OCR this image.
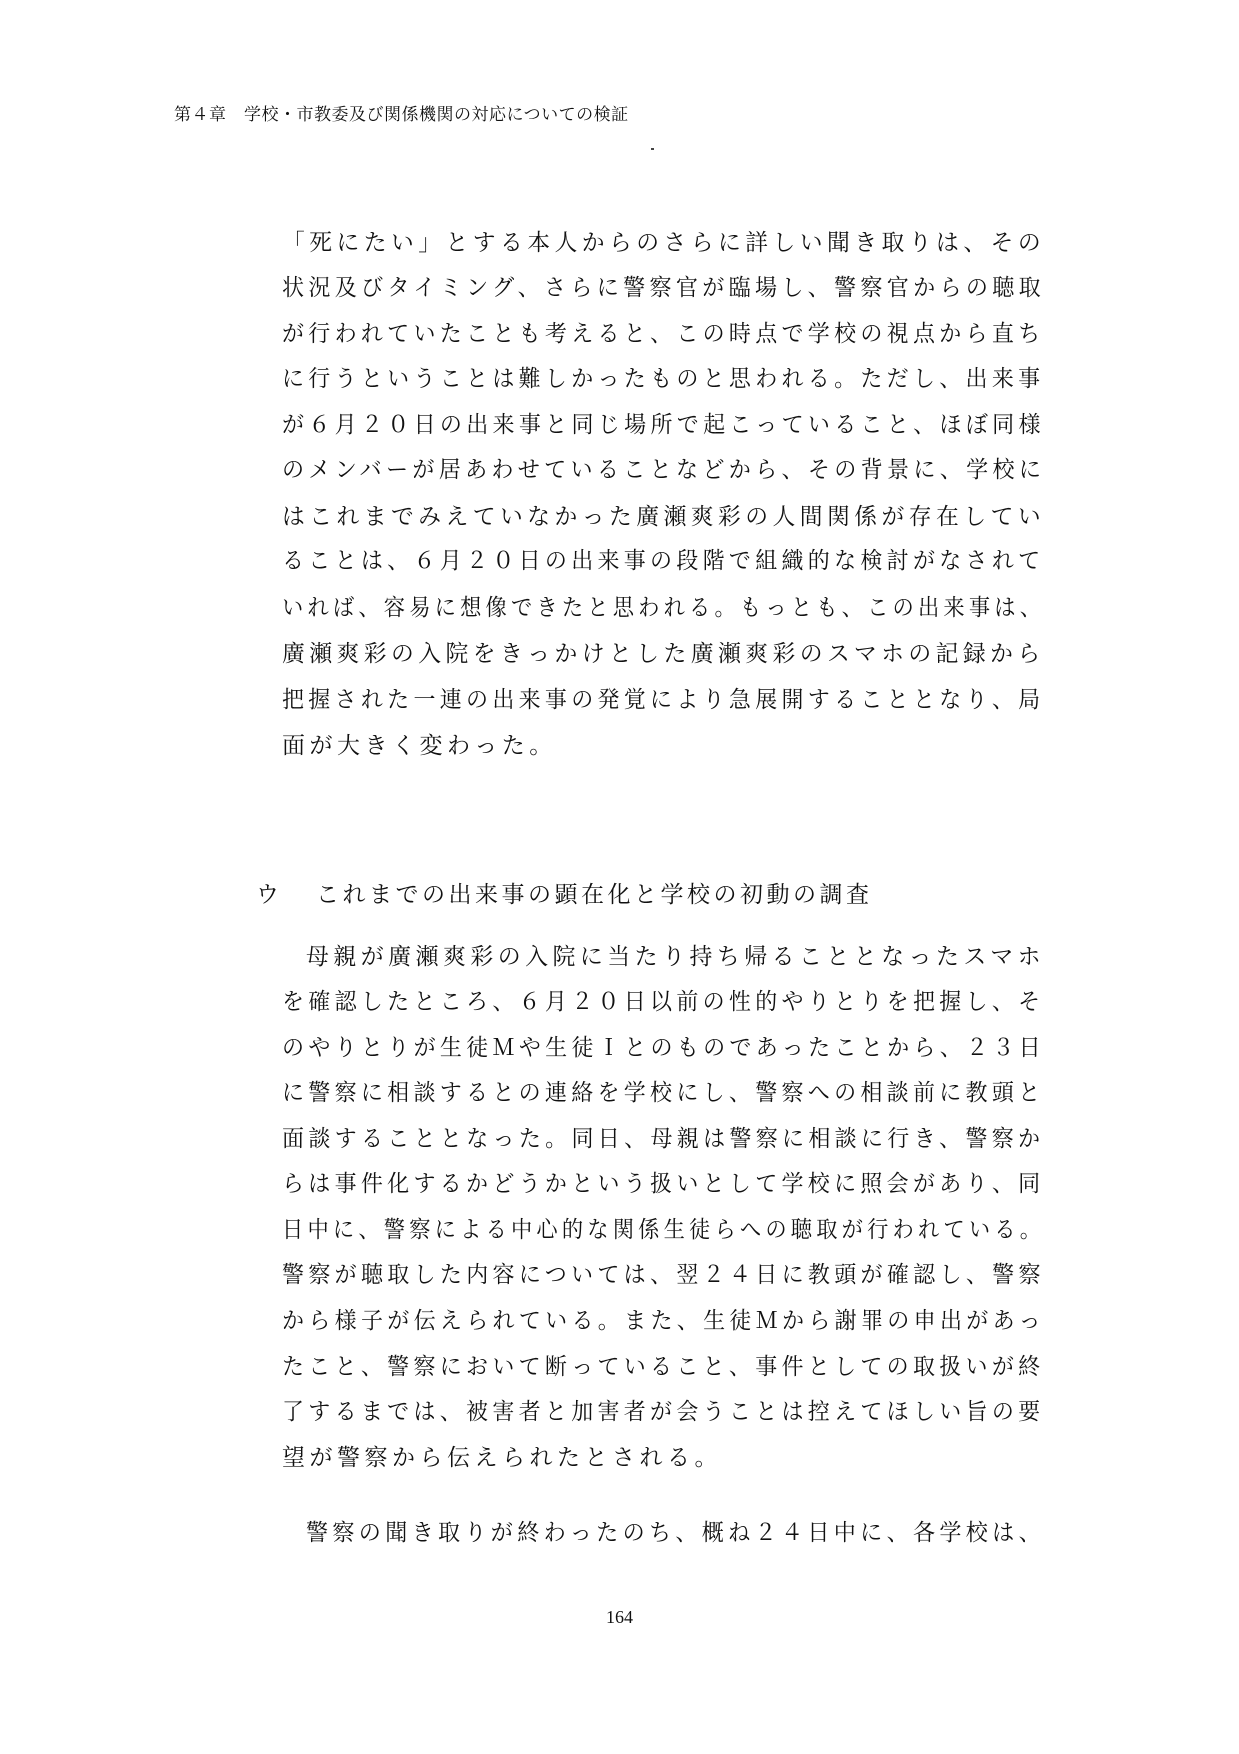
第４章　学校・市教委及び関係機関の対応についての検証
「死にたい」とする本人からのさらに詳しい聞き取りは、その
状況及びタイミング、さらに警察官が臨場し、警察官からの聴取
が行われていたことも考えると、この時点で学校の視点から直ち
に行うということは難しかったものと思われる。ただし、出来事
が６月２０日の出来事と同じ場所で起こっていること、ほぼ同様
のメンバーが居あわせていることなどから、その背景に、学校に
はこれまでみえていなかった廣瀬爽彩の人間関係が存在してい
ることは、６月２０日の出来事の段階で組織的な検討がなされて
いれば、容易に想像できたと思われる。もっとも、この出来事は、
廣瀬爽彩の入院をきっかけとした廣瀬爽彩のスマホの記録から
把握された一連の出来事の発覚により急展開することとなり、局
面が大きく変わった。
ウ これまでの出来事の顕在化と学校の初動の調査
母親が廣瀬爽彩の入院に当たり持ち帰ることとなったスマホ
を確認したところ、６月２０日以前の性的やりとりを把握し、そ
のやりとりが生徒Ｍや生徒Ｉとのものであったことから、２３日
に警察に相談するとの連絡を学校にし、警察への相談前に教頭と
面談することとなった。同日、母親は警察に相談に行き、警察か
らは事件化するかどうかという扱いとして学校に照会があり、同
日中に、警察による中心的な関係生徒らへの聴取が行われている。
警察が聴取した内容については、翌２４日に教頭が確認し、警察
から様子が伝えられている。また、生徒Ｍから謝罪の申出があっ
たこと、警察において断っていること、事件としての取扱いが終
了するまでは、被害者と加害者が会うことは控えてほしい旨の要
望が警察から伝えられたとされる。
警察の聞き取りが終わったのち、概ね２４日中に、各学校は、
164
